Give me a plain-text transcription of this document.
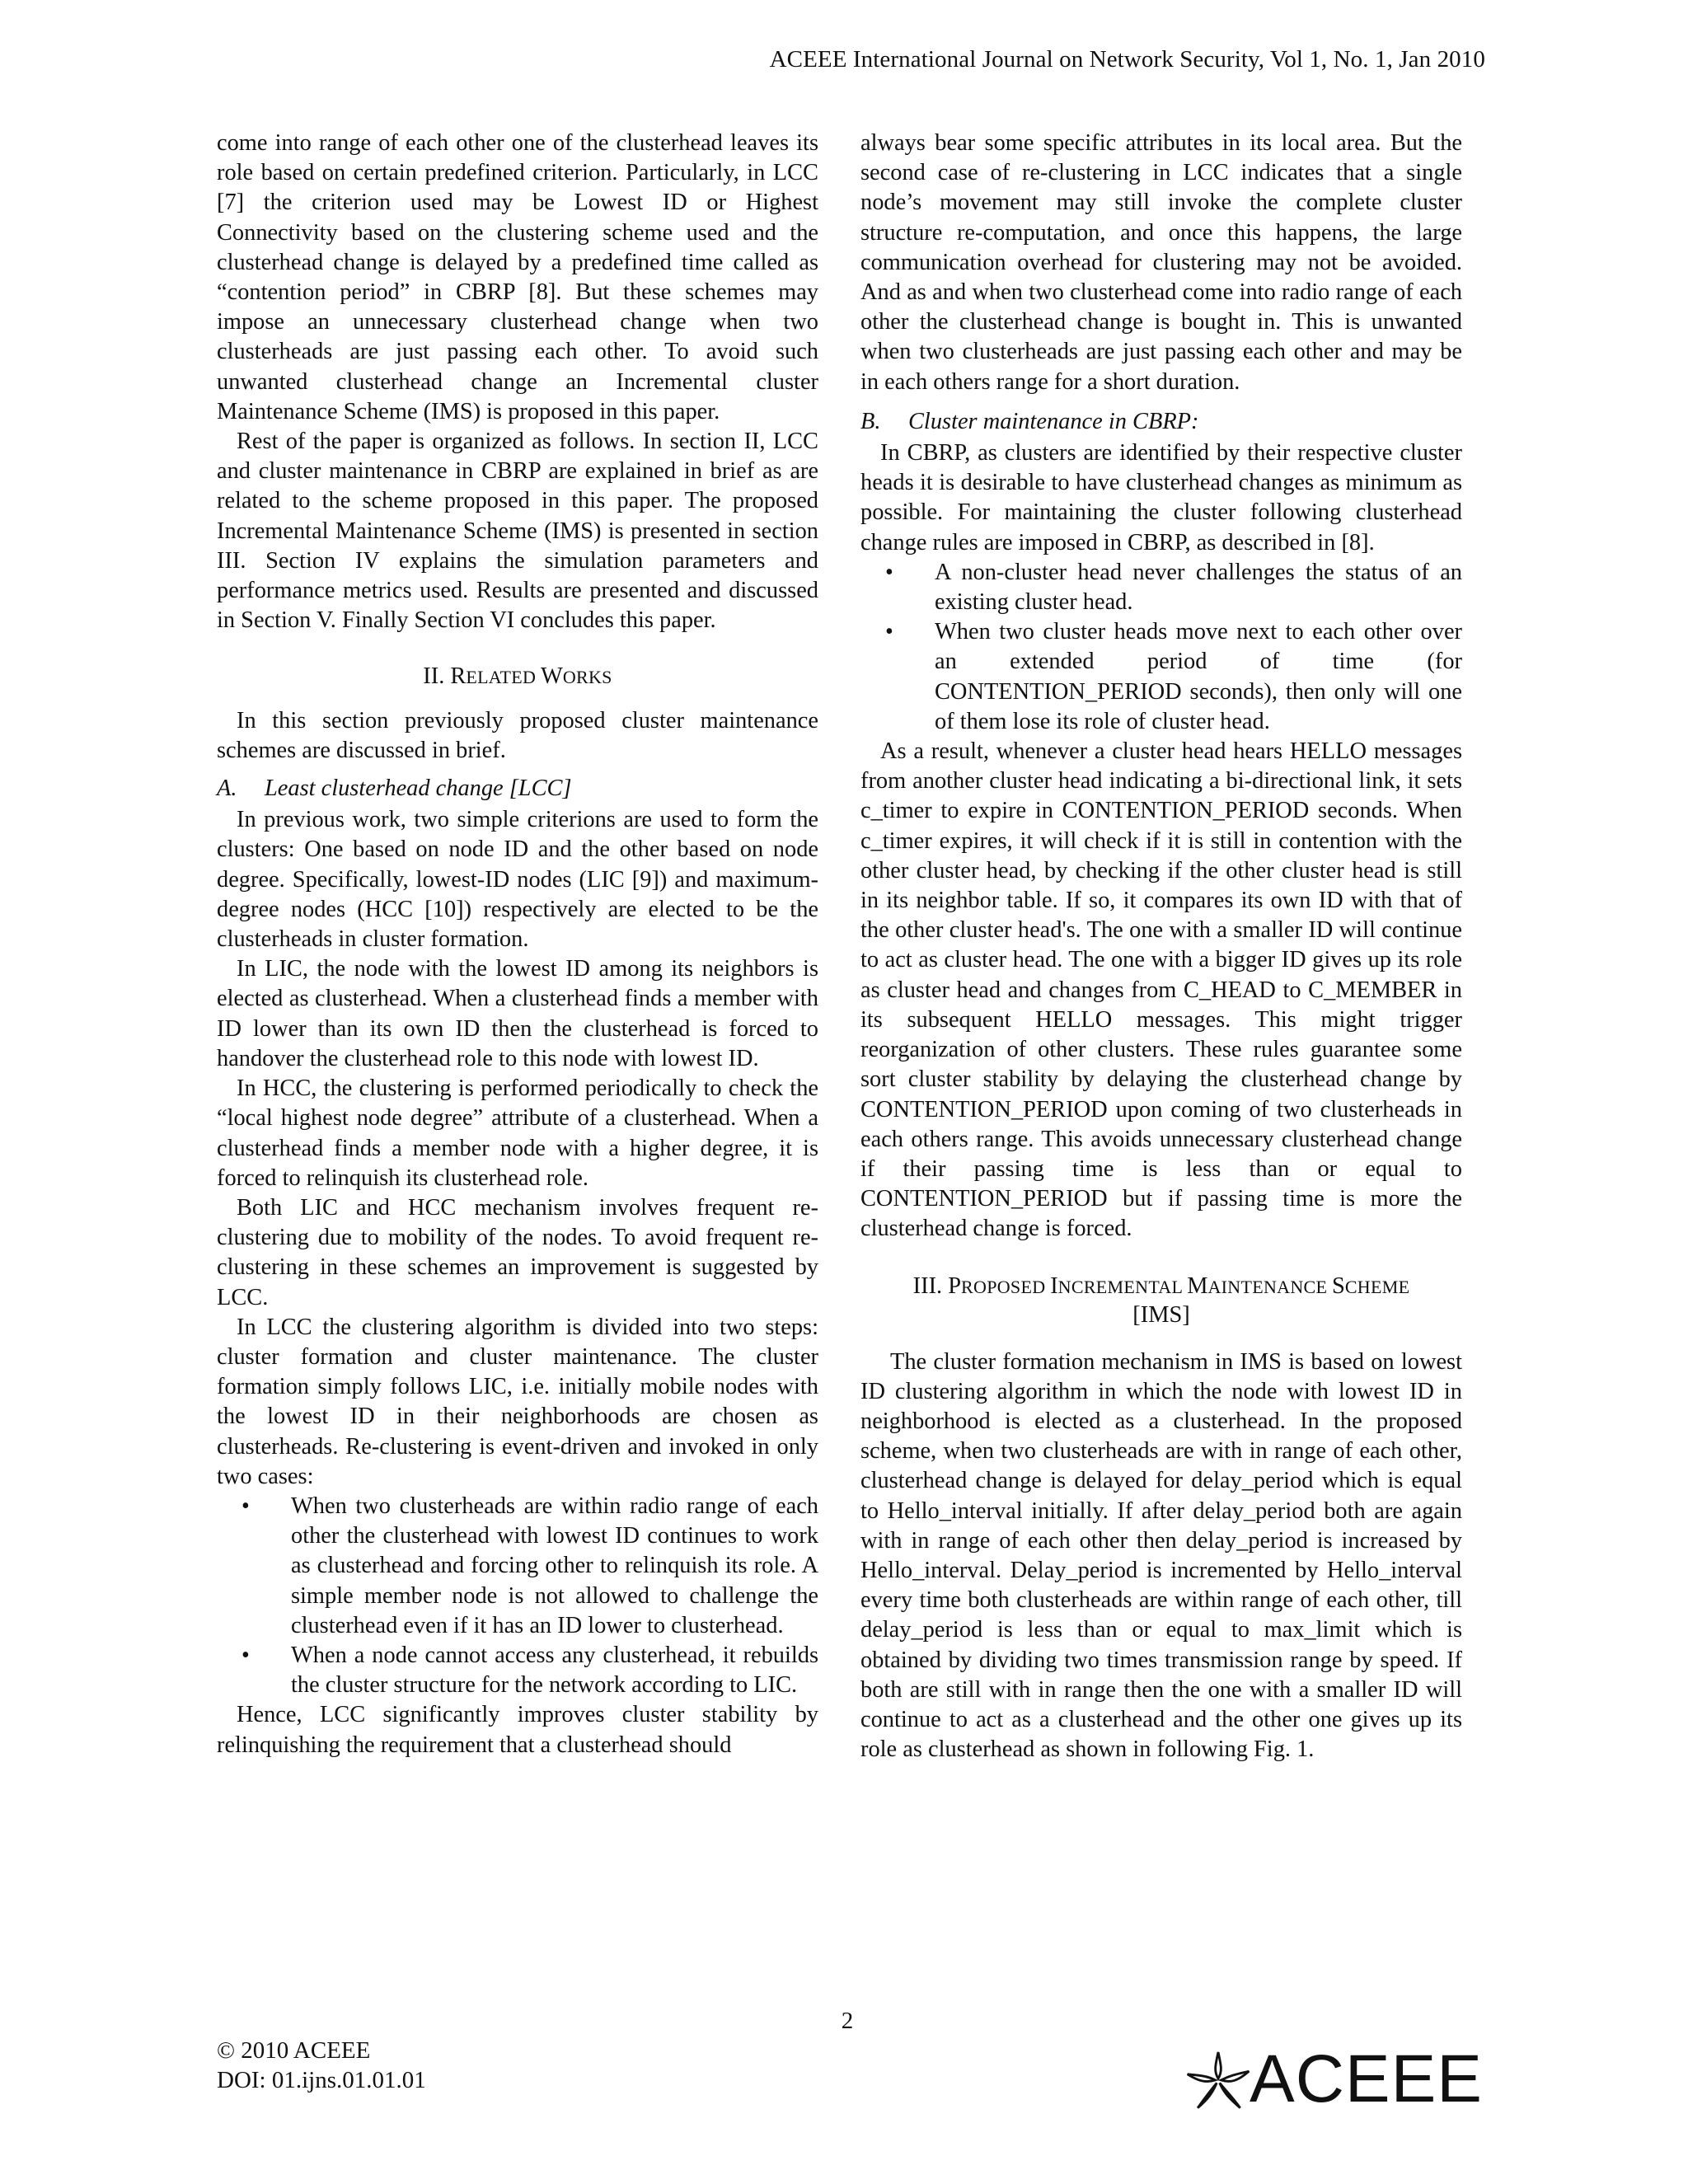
ACEEE International Journal on Network Security, Vol 1, No. 1, Jan 2010

come into range of each other one of the clusterhead leaves its role based on certain predefined criterion. Particularly, in LCC [7] the criterion used may be Lowest ID or Highest Connectivity based on the clustering scheme used and the clusterhead change is delayed by a predefined time called as “contention period” in CBRP [8]. But these schemes may impose an unnecessary clusterhead change when two clusterheads are just passing each other. To avoid such unwanted clusterhead change an Incremental cluster Maintenance Scheme (IMS) is proposed in this paper.

Rest of the paper is organized as follows. In section II, LCC and cluster maintenance in CBRP are explained in brief as are related to the scheme proposed in this paper. The proposed Incremental Maintenance Scheme (IMS) is presented in section III. Section IV explains the simulation parameters and performance metrics used. Results are presented and discussed in Section V. Finally Section VI concludes this paper.

II. RELATED WORKS

In this section previously proposed cluster maintenance schemes are discussed in brief.

A. Least clusterhead change [LCC]

In previous work, two simple criterions are used to form the clusters: One based on node ID and the other based on node degree. Specifically, lowest-ID nodes (LIC [9]) and maximum-degree nodes (HCC [10]) respectively are elected to be the clusterheads in cluster formation.

In LIC, the node with the lowest ID among its neighbors is elected as clusterhead. When a clusterhead finds a member with ID lower than its own ID then the clusterhead is forced to handover the clusterhead role to this node with lowest ID.

In HCC, the clustering is performed periodically to check the “local highest node degree” attribute of a clusterhead. When a clusterhead finds a member node with a higher degree, it is forced to relinquish its clusterhead role.

Both LIC and HCC mechanism involves frequent re-clustering due to mobility of the nodes. To avoid frequent re-clustering in these schemes an improvement is suggested by LCC.

In LCC the clustering algorithm is divided into two steps: cluster formation and cluster maintenance. The cluster formation simply follows LIC, i.e. initially mobile nodes with the lowest ID in their neighborhoods are chosen as clusterheads. Re-clustering is event-driven and invoked in only two cases:

• When two clusterheads are within radio range of each other the clusterhead with lowest ID continues to work as clusterhead and forcing other to relinquish its role. A simple member node is not allowed to challenge the clusterhead even if it has an ID lower to clusterhead.
• When a node cannot access any clusterhead, it rebuilds the cluster structure for the network according to LIC.

Hence, LCC significantly improves cluster stability by relinquishing the requirement that a clusterhead should

always bear some specific attributes in its local area. But the second case of re-clustering in LCC indicates that a single node’s movement may still invoke the complete cluster structure re-computation, and once this happens, the large communication overhead for clustering may not be avoided. And as and when two clusterhead come into radio range of each other the clusterhead change is bought in. This is unwanted when two clusterheads are just passing each other and may be in each others range for a short duration.

B. Cluster maintenance in CBRP:

In CBRP, as clusters are identified by their respective cluster heads it is desirable to have clusterhead changes as minimum as possible. For maintaining the cluster following clusterhead change rules are imposed in CBRP, as described in [8].

• A non-cluster head never challenges the status of an existing cluster head.
• When two cluster heads move next to each other over an extended period of time (for CONTENTION_PERIOD seconds), then only will one of them lose its role of cluster head.

As a result, whenever a cluster head hears HELLO messages from another cluster head indicating a bi-directional link, it sets c_timer to expire in CONTENTION_PERIOD seconds. When c_timer expires, it will check if it is still in contention with the other cluster head, by checking if the other cluster head is still in its neighbor table. If so, it compares its own ID with that of the other cluster head's. The one with a smaller ID will continue to act as cluster head. The one with a bigger ID gives up its role as cluster head and changes from C_HEAD to C_MEMBER in its subsequent HELLO messages. This might trigger reorganization of other clusters. These rules guarantee some sort cluster stability by delaying the clusterhead change by CONTENTION_PERIOD upon coming of two clusterheads in each others range. This avoids unnecessary clusterhead change if their passing time is less than or equal to CONTENTION_PERIOD but if passing time is more the clusterhead change is forced.

III. PROPOSED INCREMENTAL MAINTENANCE SCHEME
[IMS]

The cluster formation mechanism in IMS is based on lowest ID clustering algorithm in which the node with lowest ID in neighborhood is elected as a clusterhead. In the proposed scheme, when two clusterheads are with in range of each other, clusterhead change is delayed for delay_period which is equal to Hello_interval initially. If after delay_period both are again with in range of each other then delay_period is increased by Hello_interval. Delay_period is incremented by Hello_interval every time both clusterheads are within range of each other, till delay_period is less than or equal to max_limit which is obtained by dividing two times transmission range by speed. If both are still with in range then the one with a smaller ID will continue to act as a clusterhead and the other one gives up its role as clusterhead as shown in following Fig. 1.

2
© 2010 ACEEE
DOI: 01.ijns.01.01.01	ACEEE
